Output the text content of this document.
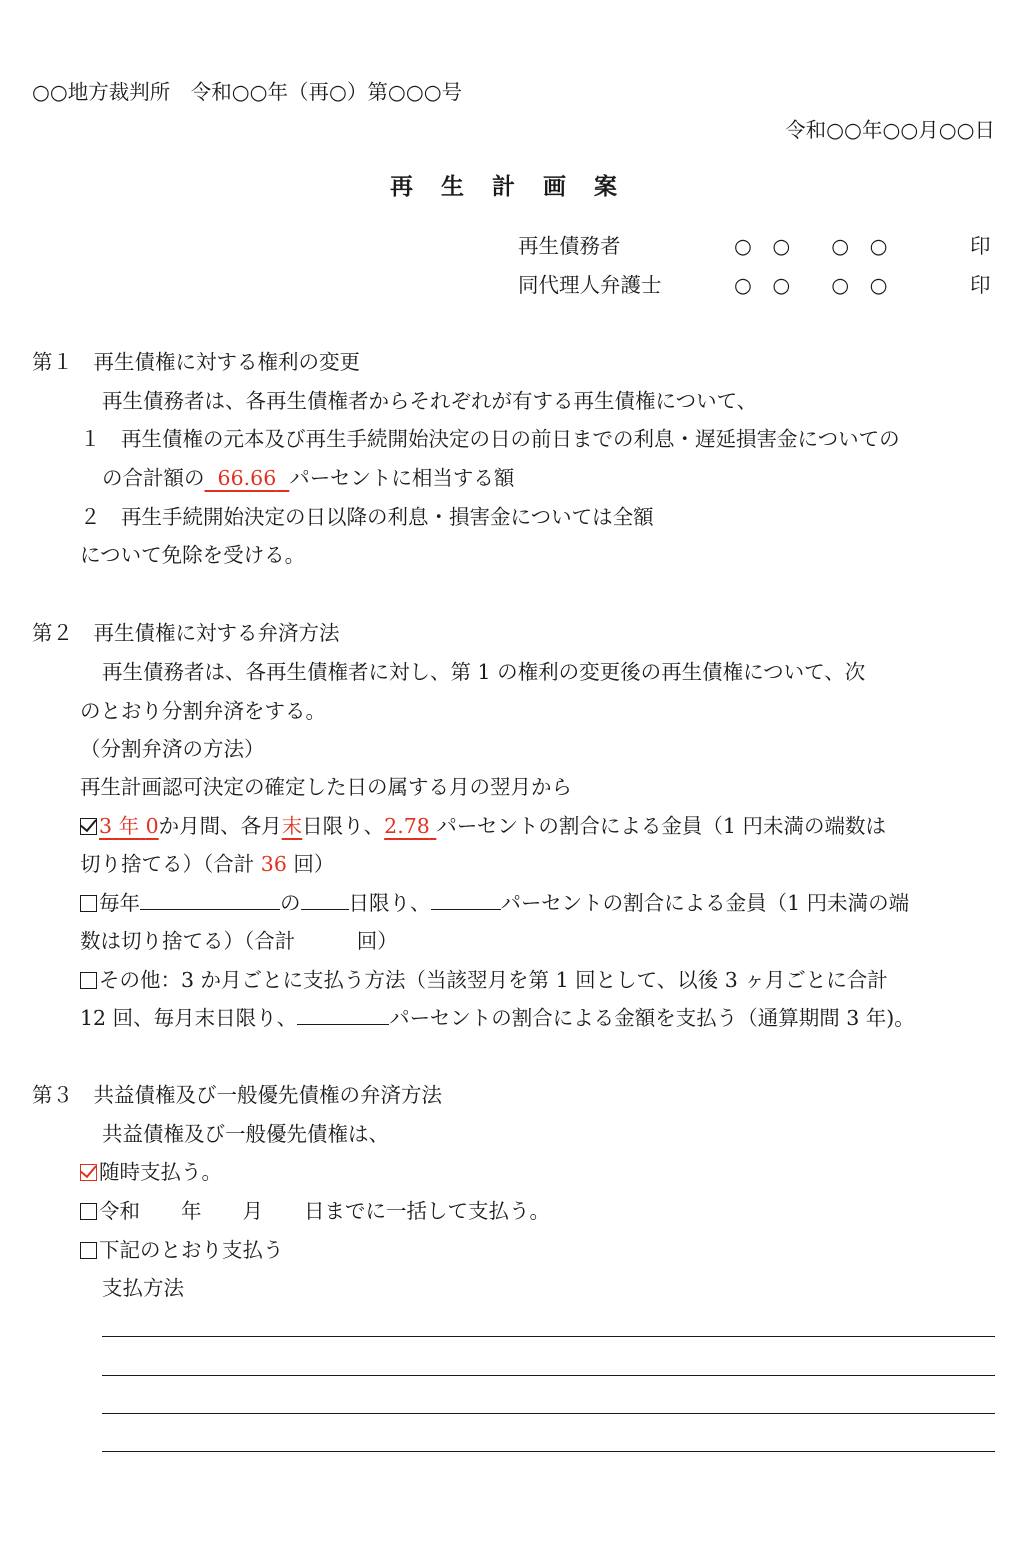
○○地方裁判所　令和○○年（再○）第○○○号
令和○○年○○月○○日
再生計画案
再生債務者	○　○　　○　○	印
同代理人弁護士	○　○　　○　○	印
第１　再生債権に対する権利の変更
再生債務者は、各再生債権者からそれぞれが有する再生債権について、
１　再生債権の元本及び再生手続開始決定の日の前日までの利息・遅延損害金についての
の合計額の 66.66 パーセントに相当する額
２　再生手続開始決定の日以降の利息・損害金については全額
について免除を受ける。
第２　再生債権に対する弁済方法
再生債務者は、各再生債権者に対し、第 1 の権利の変更後の再生債権について、次
のとおり分割弁済をする。
（分割弁済の方法）
再生計画認可決定の確定した日の属する月の翌月から
3 年 0か月間、各月末日限り、2.78 パーセントの割合による金員（1 円未満の端数は
切り捨てる）（合計 36 回）
毎年	の 日限り、	パーセントの割合による金員（1 円未満の端
数は切り捨てる）（合計　　　回）
その他：3 か月ごとに支払う方法（当該翌月を第 1 回として、以後 3 ヶ月ごとに合計
12 回、毎月末日限り、	パーセントの割合による金額を支払う（通算期間 3 年)。
第３　共益債権及び一般優先債権の弁済方法
共益債権及び一般優先債権は、
随時支払う。
令和　　年　　月　　日までに一括して支払う。
下記のとおり支払う
支払方法
